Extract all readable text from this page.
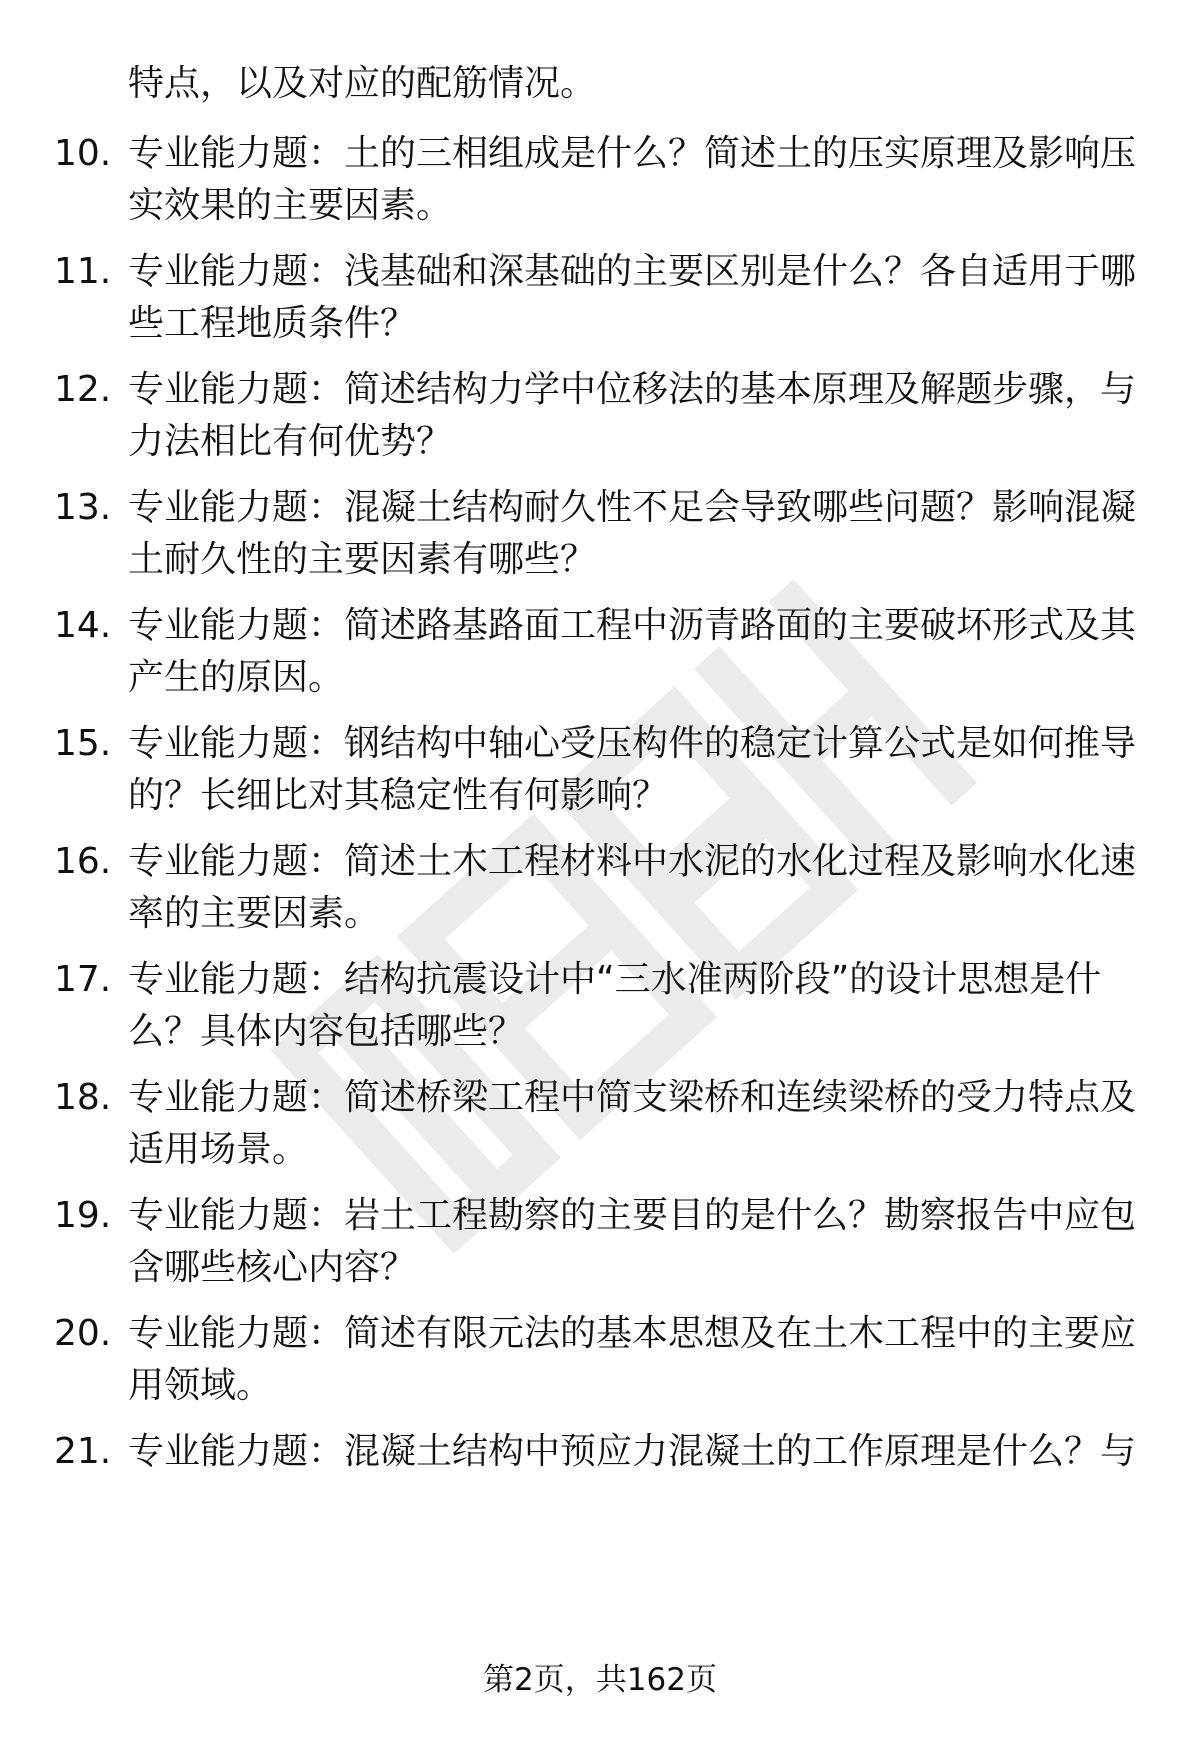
特点，以及对应的配筋情况。
10. 专业能力题：土的三相组成是什么？简述土的压实原理及影响压
实效果的主要因素。
11. 专业能力题：浅基础和深基础的主要区别是什么？各自适用于哪
些工程地质条件？
12. 专业能力题：简述结构力学中位移法的基本原理及解题步骤，与
力法相比有何优势？
13. 专业能力题：混凝土结构耐久性不足会导致哪些问题？影响混凝
土耐久性的主要因素有哪些？
14. 专业能力题：简述路基路面工程中沥青路面的主要破坏形式及其
产生的原因。
15. 专业能力题：钢结构中轴心受压构件的稳定计算公式是如何推导
的？长细比对其稳定性有何影响？
16. 专业能力题：简述土木工程材料中水泥的水化过程及影响水化速
率的主要因素。
17. 专业能力题：结构抗震设计中“三水准两阶段”的设计思想是什
么？具体内容包括哪些？
18. 专业能力题：简述桥梁工程中简支梁桥和连续梁桥的受力特点及
适用场景。
19. 专业能力题：岩土工程勘察的主要目的是什么？勘察报告中应包
含哪些核心内容？
20. 专业能力题：简述有限元法的基本思想及在土木工程中的主要应
用领域。
21. 专业能力题：混凝土结构中预应力混凝土的工作原理是什么？与
第2页，共162页
